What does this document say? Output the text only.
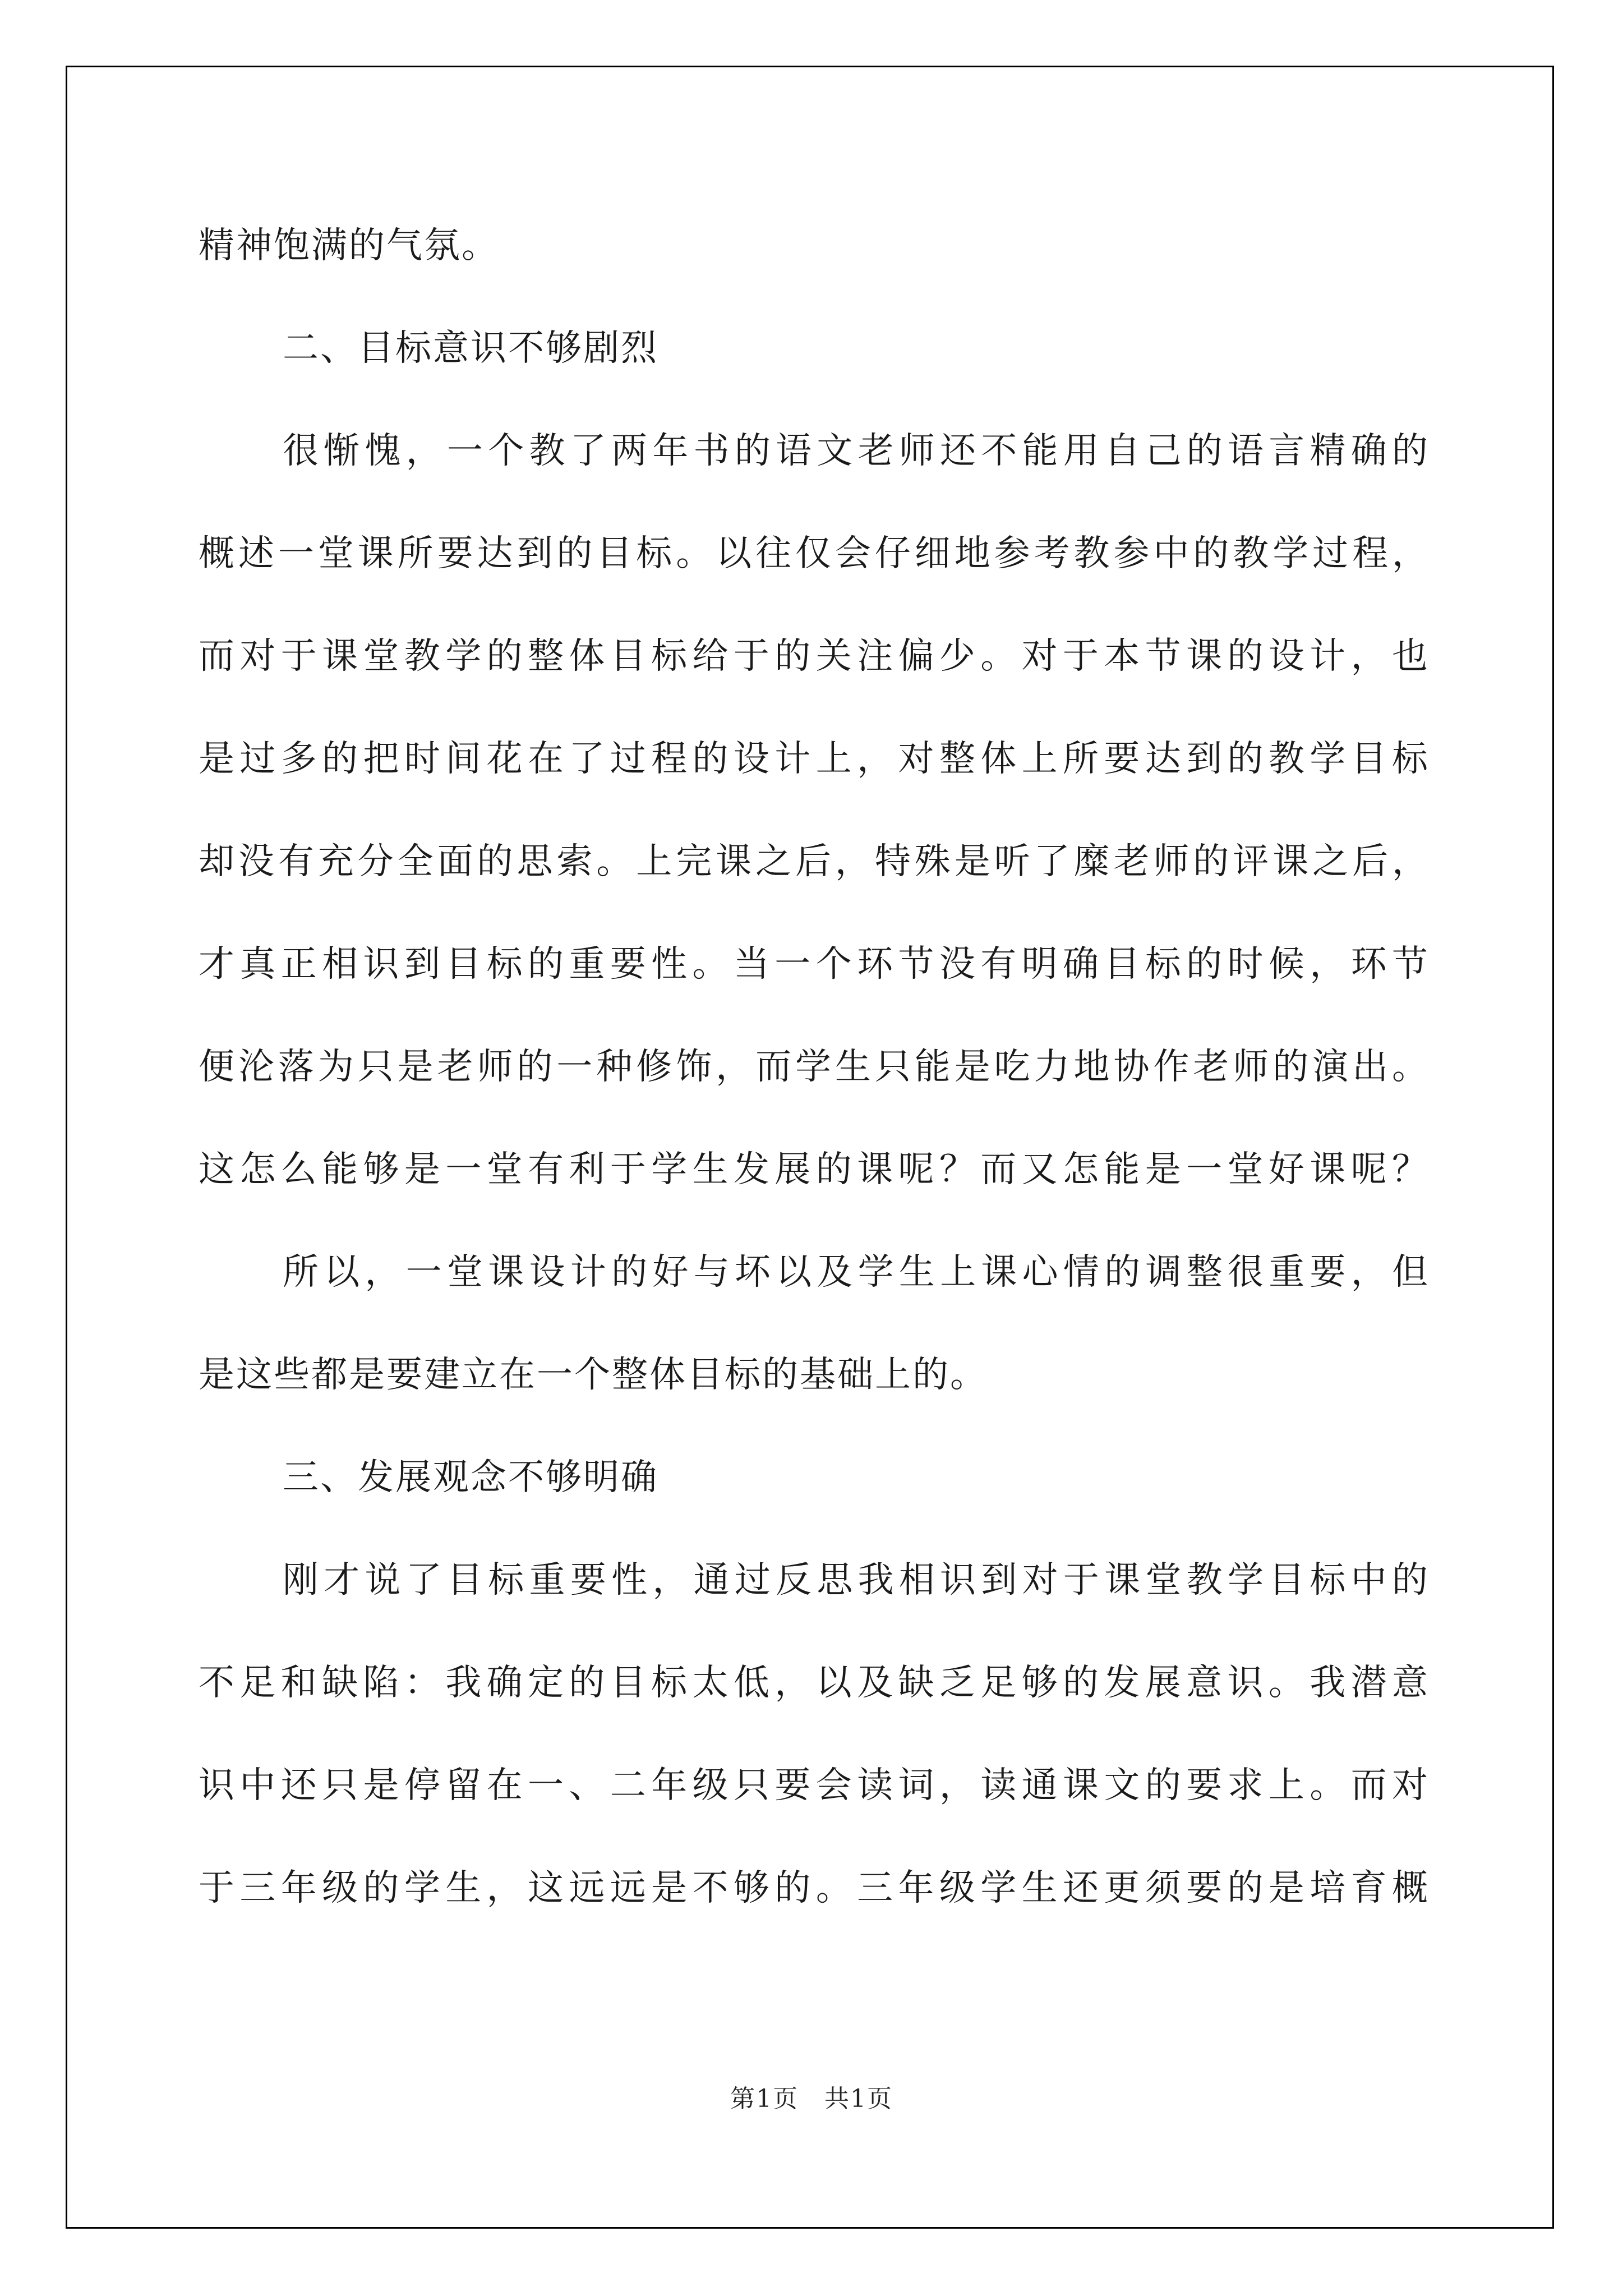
精神饱满的气氛。
二、目标意识不够剧烈
很惭愧，一个教了两年书的语文老师还不能用自己的语言精确的
概述一堂课所要达到的目标。以往仅会仔细地参考教参中的教学过程，
而对于课堂教学的整体目标给于的关注偏少。对于本节课的设计，也
是过多的把时间花在了过程的设计上，对整体上所要达到的教学目标
却没有充分全面的思索。上完课之后，特殊是听了糜老师的评课之后，
才真正相识到目标的重要性。当一个环节没有明确目标的时候，环节
便沦落为只是老师的一种修饰，而学生只能是吃力地协作老师的演出。
这怎么能够是一堂有利于学生发展的课呢？而又怎能是一堂好课呢？
所以，一堂课设计的好与坏以及学生上课心情的调整很重要，但
是这些都是要建立在一个整体目标的基础上的。
三、发展观念不够明确
刚才说了目标重要性，通过反思我相识到对于课堂教学目标中的
不足和缺陷：我确定的目标太低，以及缺乏足够的发展意识。我潜意
识中还只是停留在一、二年级只要会读词，读通课文的要求上。而对
于三年级的学生，这远远是不够的。三年级学生还更须要的是培育概
第1页　共1页
